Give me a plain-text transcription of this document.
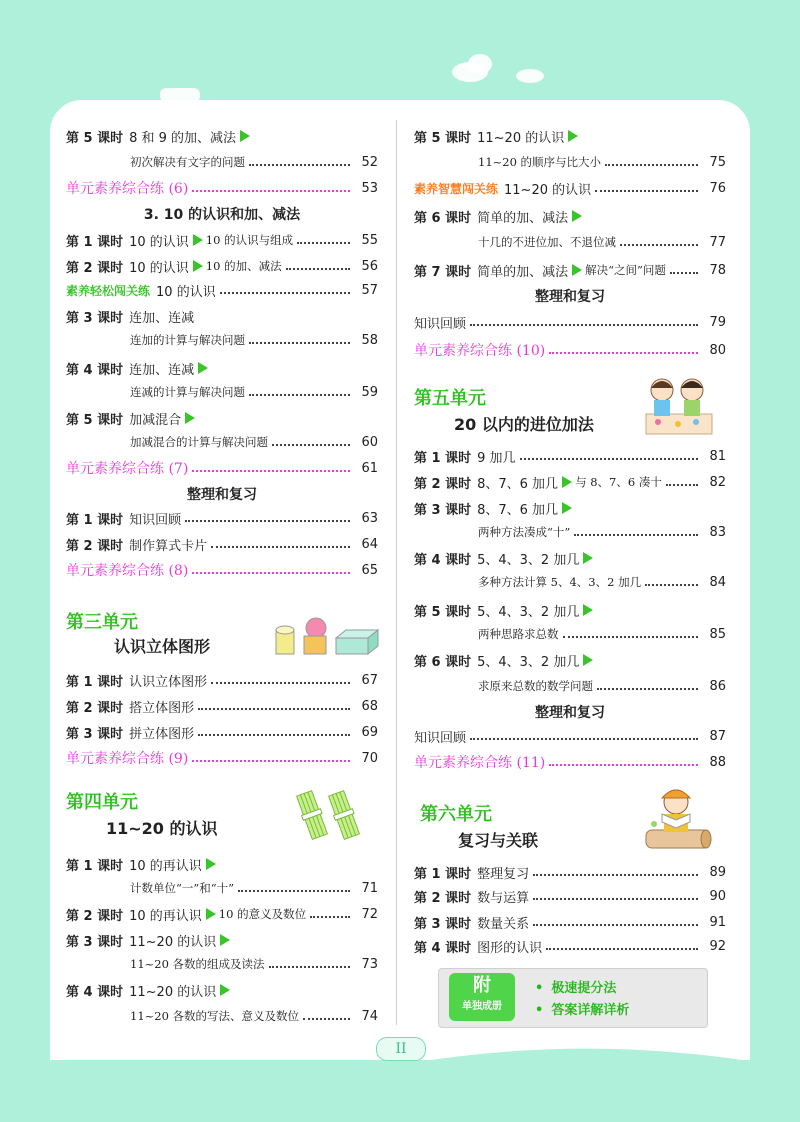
第 5 课时 8 和 9 的加、减法
初次解决有文字的问题	52
单元素养综合练 (6)	53
3. 10 的认识和加、减法
第 1 课时 10 的认识 10 的认识与组成	55
第 2 课时 10 的认识 10 的加、减法	56
素养轻松闯关练 10 的认识	57
第 3 课时 连加、连减
连加的计算与解决问题	58
第 4 课时 连加、连减
连减的计算与解决问题	59
第 5 课时 加减混合
加减混合的计算与解决问题	60
单元素养综合练 (7)	61
整理和复习
第 1 课时 知识回顾	63
第 2 课时 制作算式卡片	64
单元素养综合练 (8)	65
第三单元
认识立体图形
第 1 课时 认识立体图形	67
第 2 课时 搭立体图形	68
第 3 课时 拼立体图形	69
单元素养综合练 (9)	70
第四单元
11~20 的认识
第 1 课时 10 的再认识
计数单位“一”和“十”	71
第 2 课时 10 的再认识 10 的意义及数位	72
第 3 课时 11~20 的认识
11~20 各数的组成及读法	73
第 4 课时 11~20 的认识
11~20 各数的写法、意义及数位	74
第 5 课时 11~20 的认识
11~20 的顺序与比大小	75
素养智慧闯关练 11~20 的认识	76
第 6 课时 简单的加、减法
十几的不进位加、不退位减	77
第 7 课时 简单的加、减法 解决“之间”问题	78
整理和复习
知识回顾	79
单元素养综合练 (10)	80
第五单元
20 以内的进位加法
第 1 课时 9 加几	81
第 2 课时 8、7、6 加几 与 8、7、6 凑十	82
第 3 课时 8、7、6 加几
两种方法凑成“十”	83
第 4 课时 5、4、3、2 加几
多种方法计算 5、4、3、2 加几	84
第 5 课时 5、4、3、2 加几
两种思路求总数	85
第 6 课时 5、4、3、2 加几
求原来总数的数学问题	86
整理和复习
知识回顾	87
单元素养综合练 (11)	88
第六单元
复习与关联
第 1 课时 整理复习	89
第 2 课时 数与运算	90
第 3 课时 数量关系	91
第 4 课时 图形的认识	92
附
单独成册
• 极速提分法
• 答案详解详析
II
